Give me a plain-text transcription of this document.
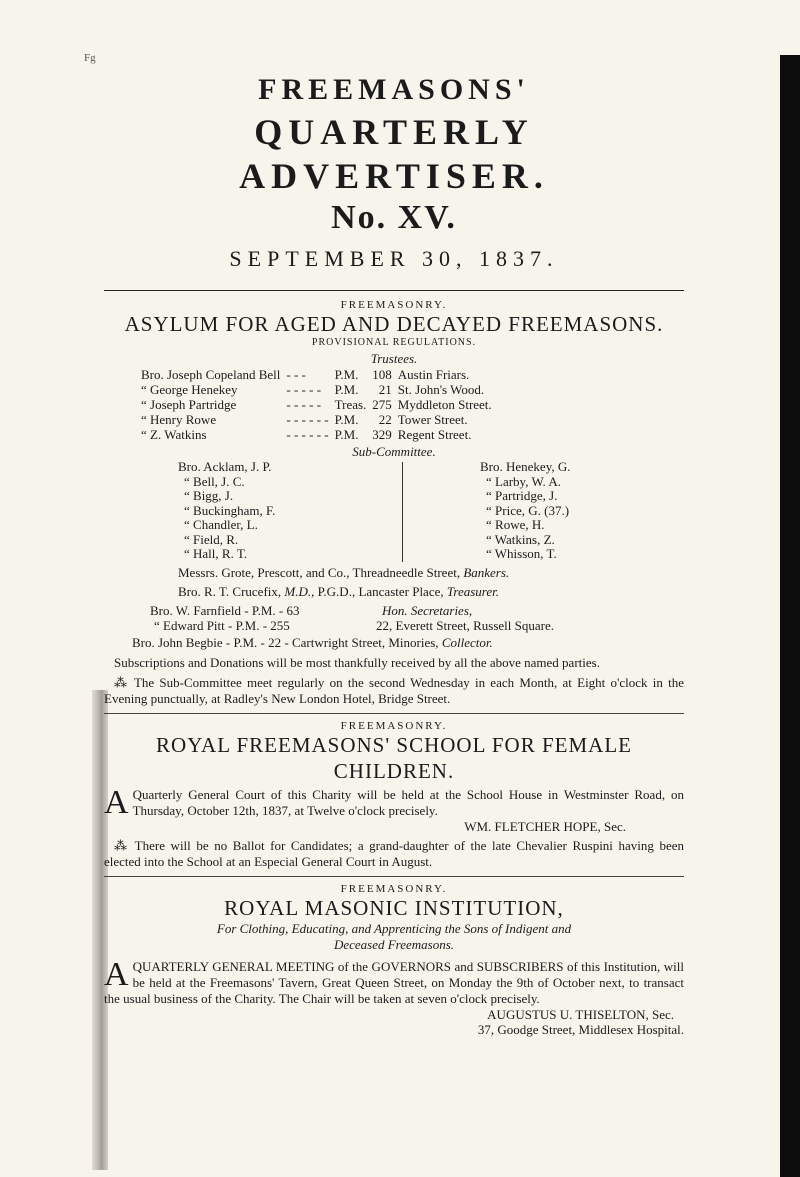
Fg
FREEMASONS'
QUARTERLY ADVERTISER.
No. XV.
SEPTEMBER 30, 1837.
FREEMASONRY.
ASYLUM FOR AGED AND DECAYED FREEMASONS.
PROVISIONAL REGULATIONS.
Trustees.
Bro. Joseph Copeland Bell	- - -	P.M.	108	Austin Friars.
“ George Henekey	- - - - -	P.M.	21	St. John's Wood.
“ Joseph Partridge	- - - - -	Treas.	275	Myddleton Street.
“ Henry Rowe	- - - - - -	P.M.	22	Tower Street.
“ Z. Watkins	- - - - - -	P.M.	329	Regent Street.
Sub-Committee.
Bro. Acklam, J. P.
“ Bell, J. C.
“ Bigg, J.
“ Buckingham, F.
“ Chandler, L.
“ Field, R.
“ Hall, R. T.
Bro. Henekey, G.
“ Larby, W. A.
“ Partridge, J.
“ Price, G. (37.)
“ Rowe, H.
“ Watkins, Z.
“ Whisson, T.
Messrs. Grote, Prescott, and Co., Threadneedle Street, Bankers.
Bro. R. T. Crucefix, M.D., P.G.D., Lancaster Place, Treasurer.
Bro. W. Farnfield - P.M. - 63	Hon. Secretaries,
“ Edward Pitt - P.M. - 255	22, Everett Street, Russell Square.
Bro. John Begbie - P.M. - 22 - Cartwright Street, Minories, Collector.
Subscriptions and Donations will be most thankfully received by all the above named parties.
⁂ The Sub-Committee meet regularly on the second Wednesday in each Month, at Eight o'clock in the Evening punctually, at Radley's New London Hotel, Bridge Street.
FREEMASONRY.
ROYAL FREEMASONS' SCHOOL FOR FEMALE CHILDREN.
A Quarterly General Court of this Charity will be held at the School House in Westminster Road, on Thursday, October 12th, 1837, at Twelve o'clock precisely.
WM. FLETCHER HOPE, Sec.
⁂ There will be no Ballot for Candidates; a grand-daughter of the late Chevalier Ruspini having been elected into the School at an Especial General Court in August.
FREEMASONRY.
ROYAL MASONIC INSTITUTION,
For Clothing, Educating, and Apprenticing the Sons of Indigent and
Deceased Freemasons.
A QUARTERLY GENERAL MEETING of the GOVERNORS and SUBSCRIBERS of this Institution, will be held at the Freemasons' Tavern, Great Queen Street, on Monday the 9th of October next, to transact the usual business of the Charity. The Chair will be taken at seven o'clock precisely.
AUGUSTUS U. THISELTON, Sec.
37, Goodge Street, Middlesex Hospital.
